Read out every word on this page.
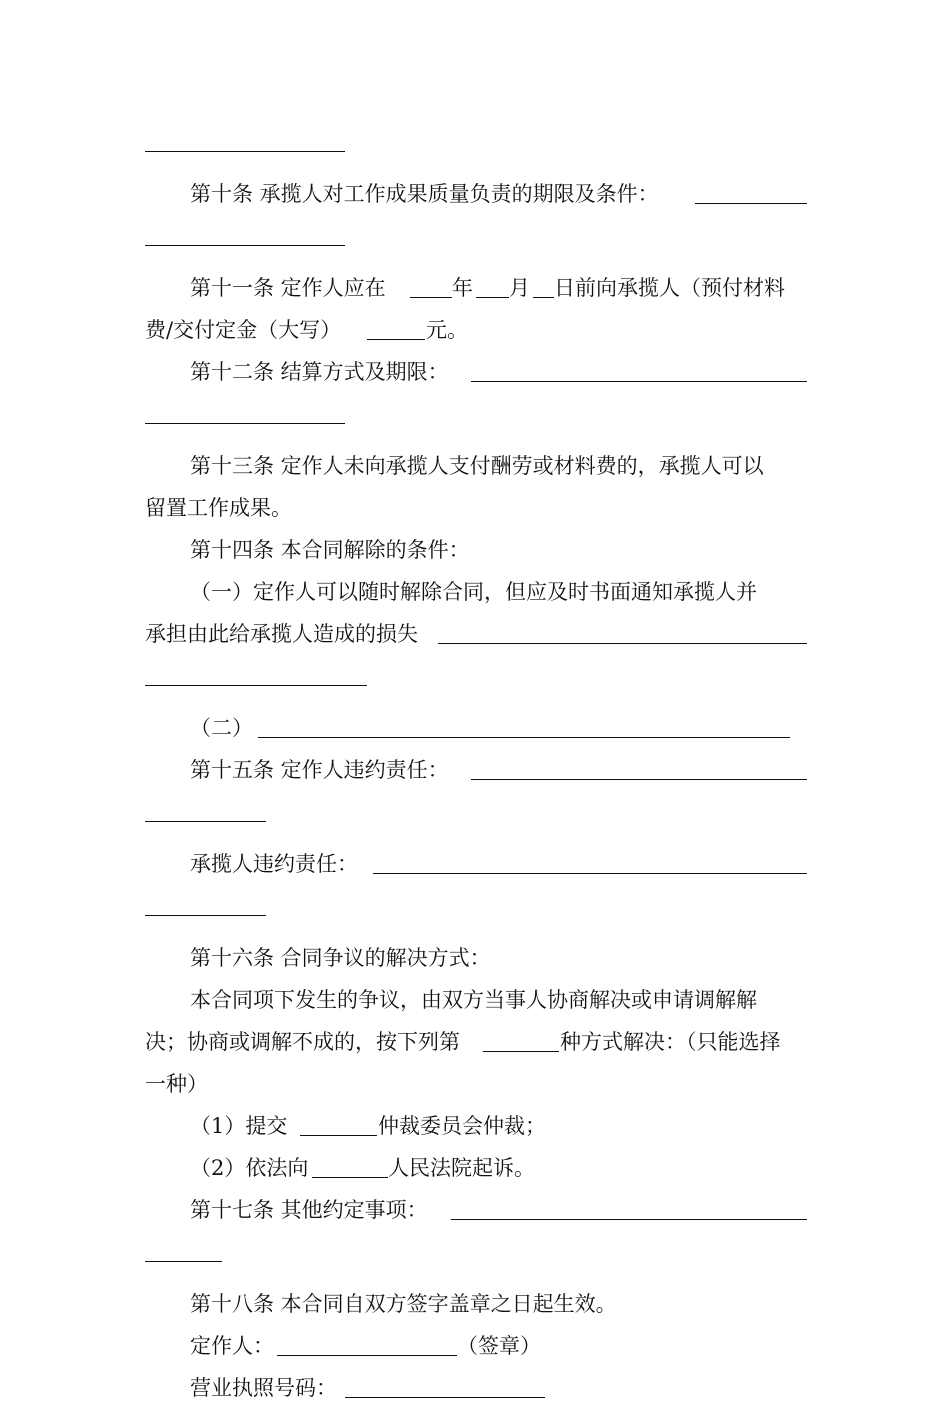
第十条 承揽人对工作成果质量负责的期限及条件：
第十一条 定作人应在	年 月 日前向承揽人（预付材料
费/交付定金（大写）	元。
第十二条 结算方式及期限：
第十三条 定作人未向承揽人支付酬劳或材料费的，承揽人可以
留置工作成果。
第十四条 本合同解除的条件：
（一）定作人可以随时解除合同，但应及时书面通知承揽人并
承担由此给承揽人造成的损失
（二）
第十五条 定作人违约责任：
承揽人违约责任：
第十六条 合同争议的解决方式：
本合同项下发生的争议，由双方当事人协商解决或申请调解解
决；协商或调解不成的，按下列第	种方式解决：（只能选择
一种）
（1）提交	仲裁委员会仲裁；
（2）依法向	人民法院起诉。
第十七条 其他约定事项：
第十八条 本合同自双方签字盖章之日起生效。
定作人：	（签章）
营业执照号码：
